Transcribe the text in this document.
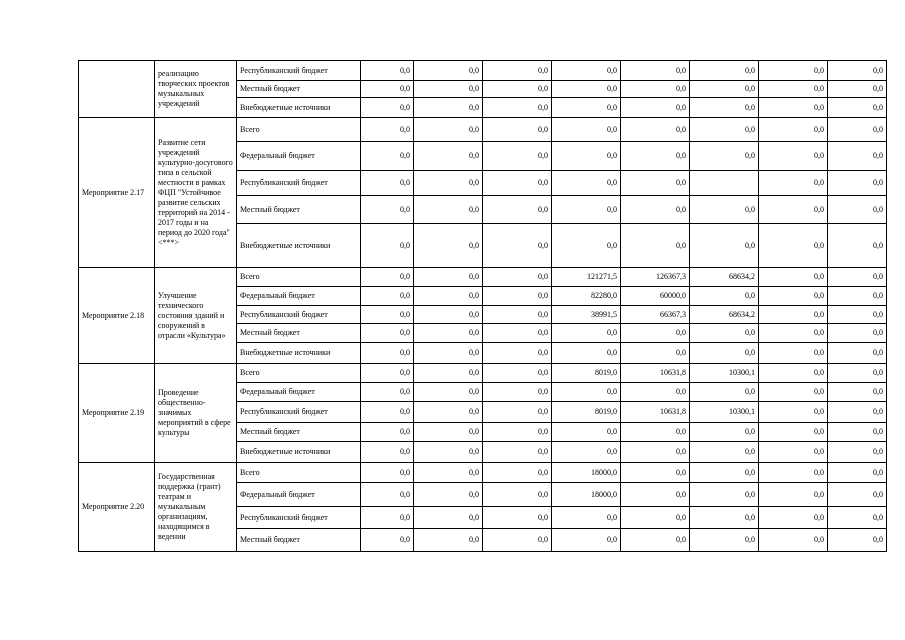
	реализацию творческих проектов музыкальных учреждений	Республиканский бюджет	0,0	0,0	0,0	0,0	0,0	0,0	0,0	0,0
		Местный бюджет	0,0	0,0	0,0	0,0	0,0	0,0	0,0	0,0
		Внебюджетные источники	0,0	0,0	0,0	0,0	0,0	0,0	0,0	0,0
Мероприятие 2.17	Развитие сети учреждений культурно-досугового типа в сельской местности в рамках ФЦП "Устойчивое развитие сельских территорий на 2014 - 2017 годы и на период до 2020 года" <***>	Всего	0,0	0,0	0,0	0,0	0,0	0,0	0,0	0,0
		Федеральный бюджет	0,0	0,0	0,0	0,0	0,0	0,0	0,0	0,0
		Республиканский бюджет	0,0	0,0	0,0	0,0	0,0		0,0	0,0
		Местный бюджет	0,0	0,0	0,0	0,0	0,0	0,0	0,0	0,0
		Внебюджетные источники	0,0	0,0	0,0	0,0	0,0	0,0	0,0	0,0
Мероприятие 2.18	Улучшение технического состояния зданий и сооружений в отрасли «Культура»	Всего	0,0	0,0	0,0	121271,5	126367,3	68634,2	0,0	0,0
		Федеральный бюджет	0,0	0,0	0,0	82280,0	60000,0	0,0	0,0	0,0
		Республиканский бюджет	0,0	0,0	0,0	38991,5	66367,3	68634,2	0,0	0,0
		Местный бюджет	0,0	0,0	0,0	0,0	0,0	0,0	0,0	0,0
		Внебюджетные источники	0,0	0,0	0,0	0,0	0,0	0,0	0,0	0,0
Мероприятие 2.19	Проведение общественно-значимых мероприятий в сфере культуры	Всего	0,0	0,0	0,0	8019,0	10631,8	10300,1	0,0	0,0
		Федеральный бюджет	0,0	0,0	0,0	0,0	0,0	0,0	0,0	0,0
		Республиканский бюджет	0,0	0,0	0,0	8019,0	10631,8	10300,1	0,0	0,0
		Местный бюджет	0,0	0,0	0,0	0,0	0,0	0,0	0,0	0,0
		Внебюджетные источники	0,0	0,0	0,0	0,0	0,0	0,0	0,0	0,0
Мероприятие 2.20	Государственная поддержка (грант) театрам и музыкальным организациям, находящимся в ведении	Всего	0,0	0,0	0,0	18000,0	0,0	0,0	0,0	0,0
		Федеральный бюджет	0,0	0,0	0,0	18000,0	0,0	0,0	0,0	0,0
		Республиканский бюджет	0,0	0,0	0,0	0,0	0,0	0,0	0,0	0,0
		Местный бюджет	0,0	0,0	0,0	0,0	0,0	0,0	0,0	0,0
